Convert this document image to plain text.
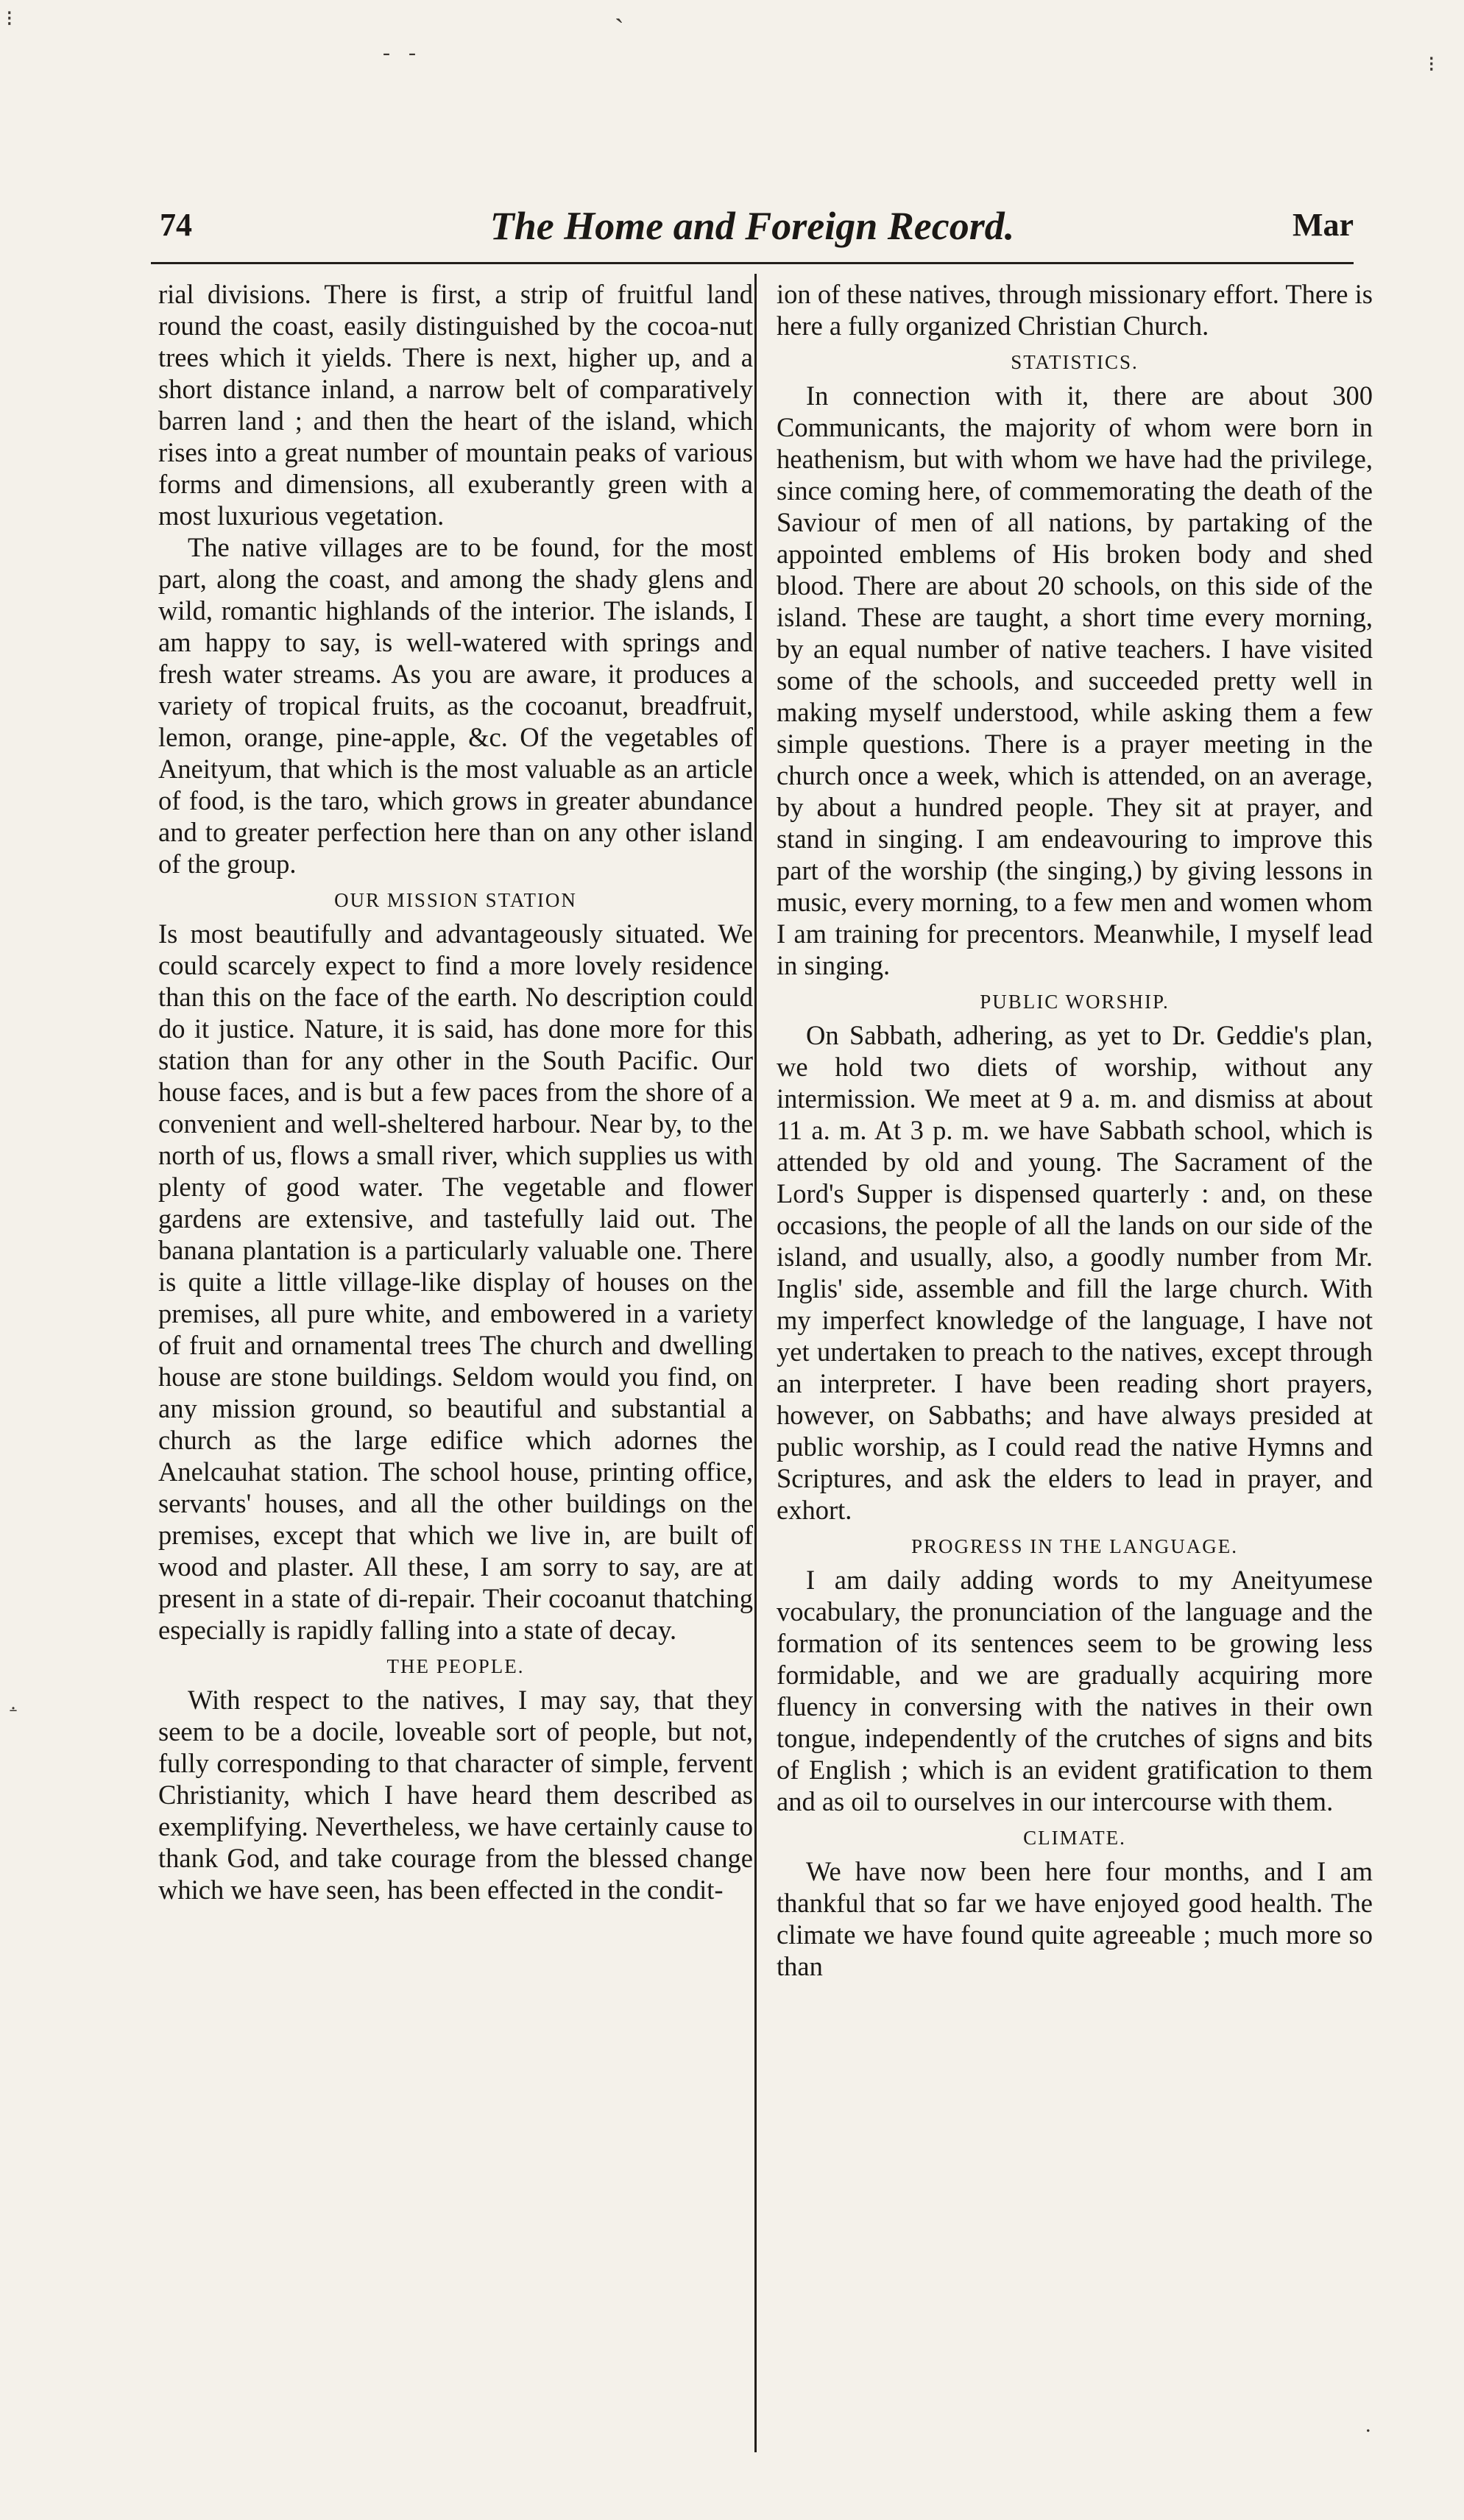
⁝	ˋ
- -	⁝
.
74	The Home and Foreign Record.	Mar

rial divisions. There is first, a strip of fruitful land round the coast, easily distinguished by the cocoa-nut trees which it yields. There is next, higher up, and a short distance inland, a narrow belt of comparatively barren land ; and then the heart of the island, which rises into a great number of mountain peaks of various forms and dimensions, all exuberantly green with a most luxurious vegetation.

The native villages are to be found, for the most part, along the coast, and among the shady glens and wild, romantic highlands of the interior. The islands, I am happy to say, is well-watered with springs and fresh water streams. As you are aware, it produces a variety of tropical fruits, as the cocoanut, breadfruit, lemon, orange, pine-apple, &c. Of the vegetables of Aneityum, that which is the most valuable as an article of food, is the taro, which grows in greater abundance and to greater perfection here than on any other island of the group.

OUR MISSION STATION

Is most beautifully and advantageously situated. We could scarcely expect to find a more lovely residence than this on the face of the earth. No description could do it justice. Nature, it is said, has done more for this station than for any other in the South Pacific. Our house faces, and is but a few paces from the shore of a convenient and well-sheltered harbour. Near by, to the north of us, flows a small river, which supplies us with plenty of good water. The vegetable and flower gardens are extensive, and tastefully laid out. The banana plantation is a particularly valuable one. There is quite a little village-like display of houses on the premises, all pure white, and embowered in a variety of fruit and ornamental trees The church and dwelling house are stone buildings. Seldom would you find, on any mission ground, so beautiful and substantial a church as the large edifice which adornes the Anelcauhat station. The school house, printing office, servants' houses, and all the other buildings on the premises, except that which we live in, are built of wood and plaster. All these, I am sorry to say, are at present in a state of di-repair. Their cocoanut thatching especially is rapidly falling into a state of decay.

THE PEOPLE.

With respect to the natives, I may say, that they seem to be a docile, loveable sort of people, but not, fully corresponding to that character of simple, fervent Christianity, which I have heard them described as exemplifying. Nevertheless, we have certainly cause to thank God, and take courage from the blessed change which we have seen, has been effected in the condit-

ion of these natives, through missionary effort. There is here a fully organized Christian Church.

STATISTICS.

In connection with it, there are about 300 Communicants, the majority of whom were born in heathenism, but with whom we have had the privilege, since coming here, of commemorating the death of the Saviour of men of all nations, by partaking of the appointed emblems of His broken body and shed blood. There are about 20 schools, on this side of the island. These are taught, a short time every morning, by an equal number of native teachers. I have visited some of the schools, and succeeded pretty well in making myself understood, while asking them a few simple questions. There is a prayer meeting in the church once a week, which is attended, on an average, by about a hundred people. They sit at prayer, and stand in singing. I am endeavouring to improve this part of the worship (the singing,) by giving lessons in music, every morning, to a few men and women whom I am training for precentors. Meanwhile, I myself lead in singing.

PUBLIC WORSHIP.

On Sabbath, adhering, as yet to Dr. Geddie's plan, we hold two diets of worship, without any intermission. We meet at 9 a. m. and dismiss at about 11 a. m. At 3 p. m. we have Sabbath school, which is attended by old and young. The Sacrament of the Lord's Supper is dispensed quarterly : and, on these occasions, the people of all the lands on our side of the island, and usually, also, a goodly number from Mr. Inglis' side, assemble and fill the large church. With my imperfect knowledge of the language, I have not yet undertaken to preach to the natives, except through an interpreter. I have been reading short prayers, however, on Sabbaths; and have always presided at public worship, as I could read the native Hymns and Scriptures, and ask the elders to lead in prayer, and exhort.

PROGRESS IN THE LANGUAGE.

I am daily adding words to my Aneityumese vocabulary, the pronunciation of the language and the formation of its sentences seem to be growing less formidable, and we are gradually acquiring more fluency in conversing with the natives in their own tongue, independently of the crutches of signs and bits of English ; which is an evident gratification to them and as oil to ourselves in our intercourse with them.

CLIMATE.

We have now been here four months, and I am thankful that so far we have enjoyed good health. The climate we have found quite agreeable ; much more so than
